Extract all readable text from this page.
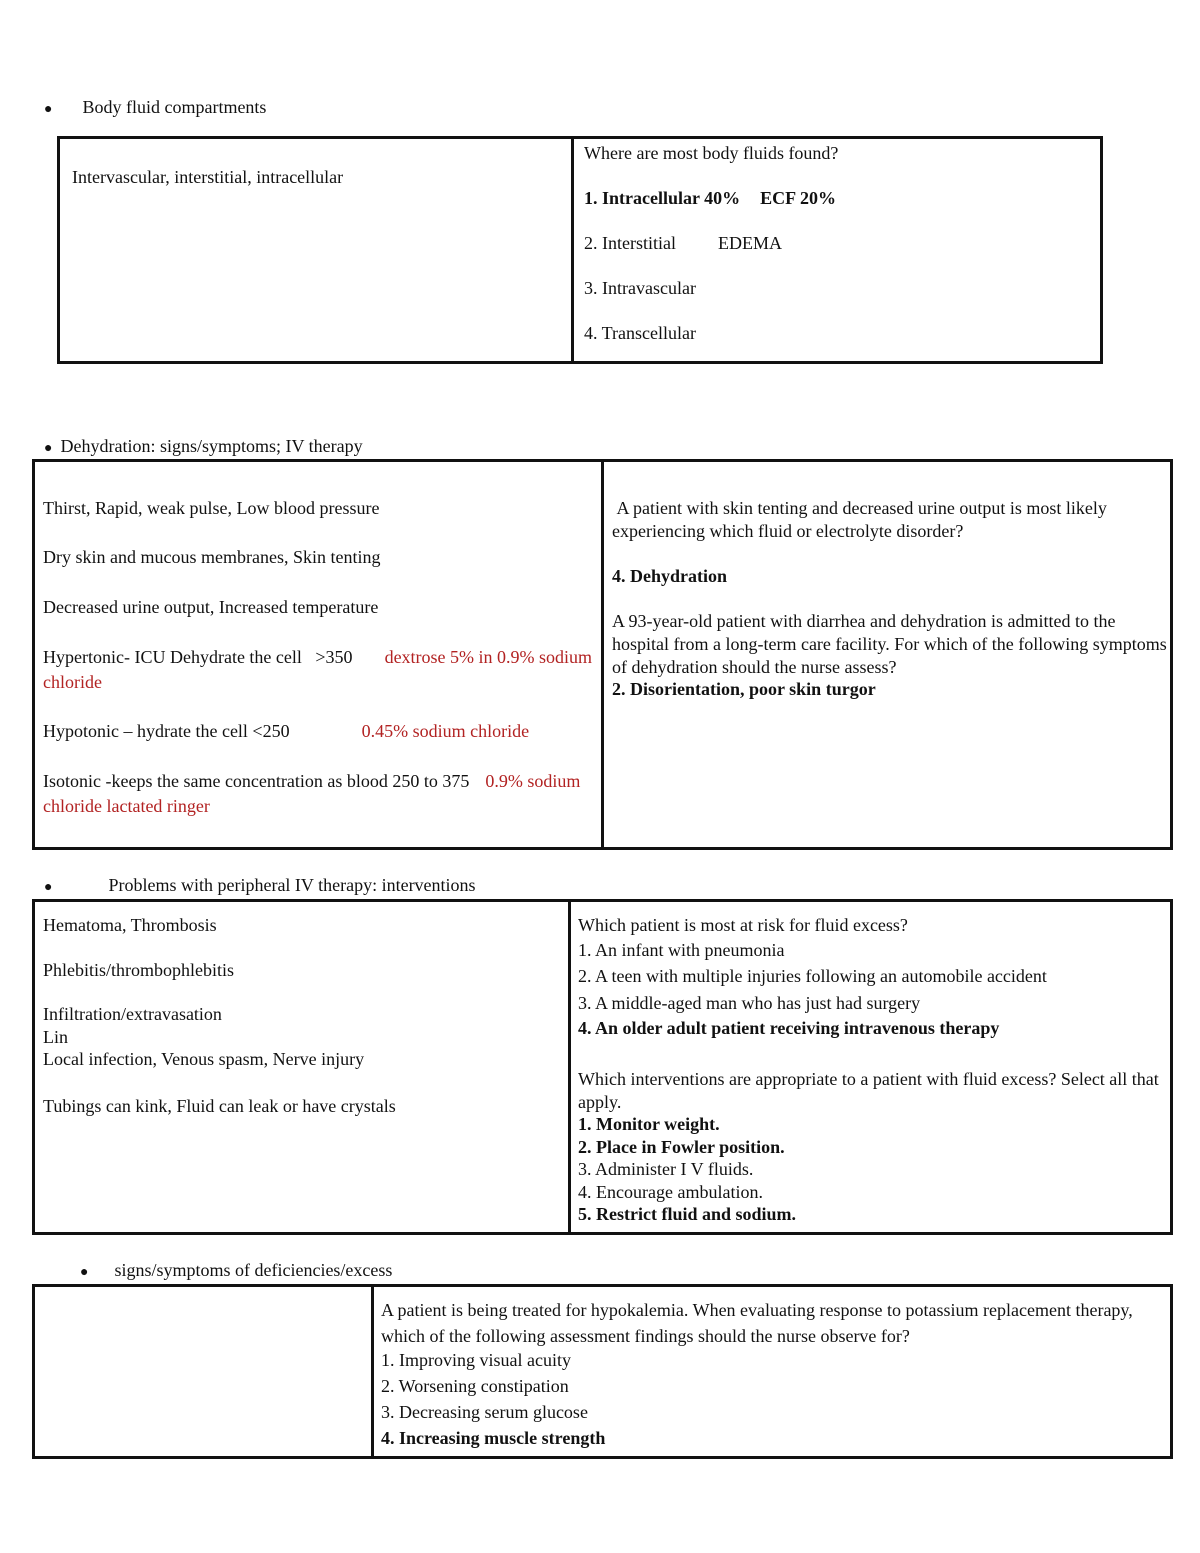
● Body fluid compartments
Intervascular, interstitial, intracellular

Where are most body fluids found?
1. Intracellular 40% ECF 20%
2. Interstitial EDEMA
3. Intravascular
4. Transcellular
● Dehydration: signs/symptoms; IV therapy
Thirst, Rapid, weak pulse, Low blood pressure
Dry skin and mucous membranes, Skin tenting
Decreased urine output, Increased temperature
Hypertonic- ICU Dehydrate the cell   >350 dextrose 5% in 0.9% sodium chloride
Hypotonic – hydrate the cell <250	0.45% sodium chloride
Isotonic -keeps the same concentration as blood 250 to 375 0.9% sodium chloride lactated ringer

A patient with skin tenting and decreased urine output is most likely experiencing which fluid or electrolyte disorder?
4. Dehydration
A 93-year-old patient with diarrhea and dehydration is admitted to the hospital from a long-term care facility. For which of the following symptoms of dehydration should the nurse assess?
2. Disorientation, poor skin turgor
●	Problems with peripheral IV therapy: interventions
Hematoma, Thrombosis
Phlebitis/thrombophlebitis
Infiltration/extravasation
Lin
Local infection, Venous spasm, Nerve injury
Tubings can kink, Fluid can leak or have crystals

Which patient is most at risk for fluid excess?
1. An infant with pneumonia
2. A teen with multiple injuries following an automobile accident
3. A middle-aged man who has just had surgery
4. An older adult patient receiving intravenous therapy
Which interventions are appropriate to a patient with fluid excess? Select all that apply.
1. Monitor weight.
2. Place in Fowler position.
3. Administer I V fluids.
4. Encourage ambulation.
5. Restrict fluid and sodium.
● signs/symptoms of deficiencies/excess

A patient is being treated for hypokalemia. When evaluating response to potassium replacement therapy, which of the following assessment findings should the nurse observe for?
1. Improving visual acuity
2. Worsening constipation
3. Decreasing serum glucose
4. Increasing muscle strength
